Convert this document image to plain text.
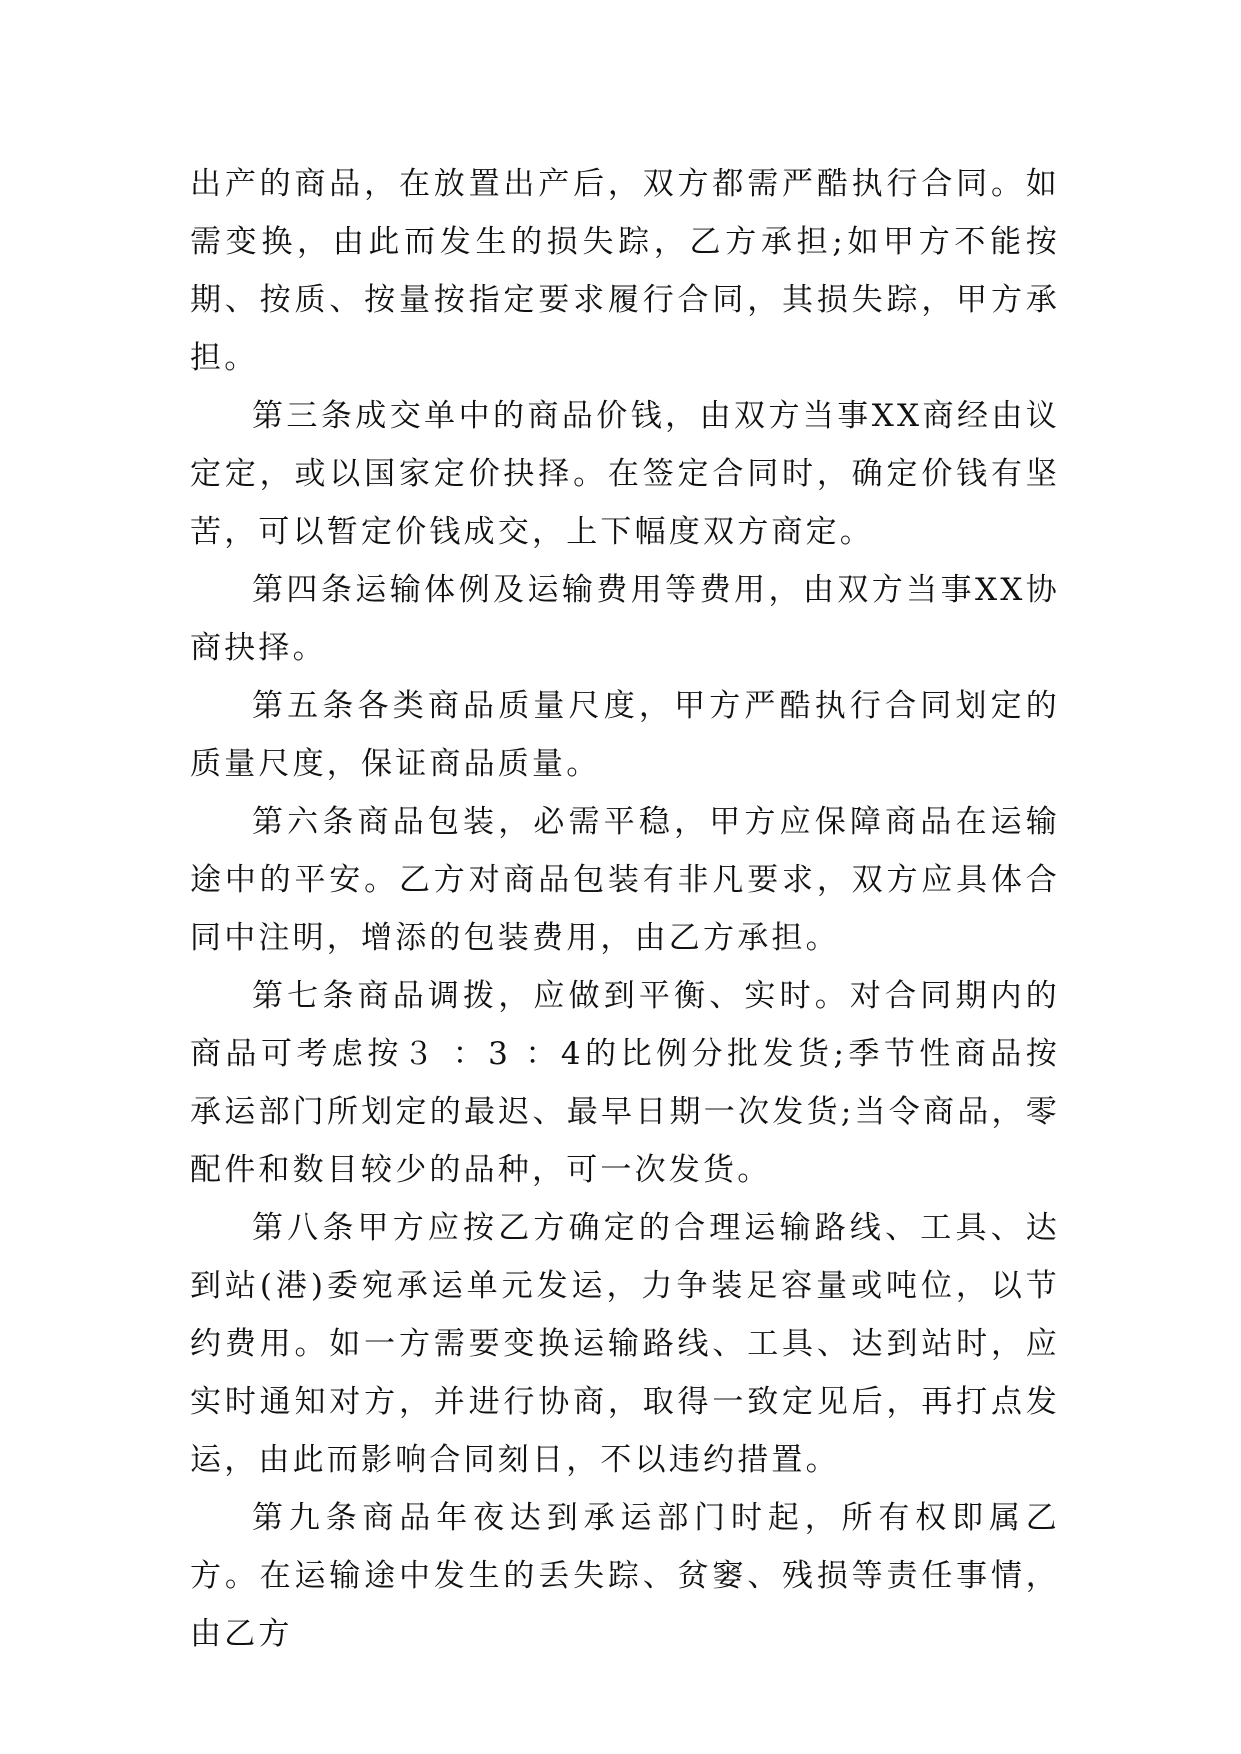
出产的商品，在放置出产后，双方都需严酷执行合同。如需变换，由此而发生的损失踪，乙方承担;如甲方不能按期、按质、按量按指定要求履行合同，其损失踪，甲方承担。

第三条成交单中的商品价钱，由双方当事XX商经由议定定，或以国家定价抉择。在签定合同时，确定价钱有坚苦，可以暂定价钱成交，上下幅度双方商定。

第四条运输体例及运输费用等费用，由双方当事XX协商抉择。

第五条各类商品质量尺度，甲方严酷执行合同划定的质量尺度，保证商品质量。

第六条商品包装，必需平稳，甲方应保障商品在运输途中的平安。乙方对商品包装有非凡要求，双方应具体合同中注明，增添的包装费用，由乙方承担。

第七条商品调拨，应做到平衡、实时。对合同期内的商品可考虑按３ ：3 ：4的比例分批发货;季节性商品按承运部门所划定的最迟、最早日期一次发货;当令商品，零配件和数目较少的品种，可一次发货。

第八条甲方应按乙方确定的合理运输路线、工具、达到站(港)委宛承运单元发运，力争装足容量或吨位，以节约费用。如一方需要变换运输路线、工具、达到站时，应实时通知对方，并进行协商，取得一致定见后，再打点发运，由此而影响合同刻日，不以违约措置。

第九条商品年夜达到承运部门时起，所有权即属乙方。在运输途中发生的丢失踪、贫窭、残损等责任事情，由乙方
